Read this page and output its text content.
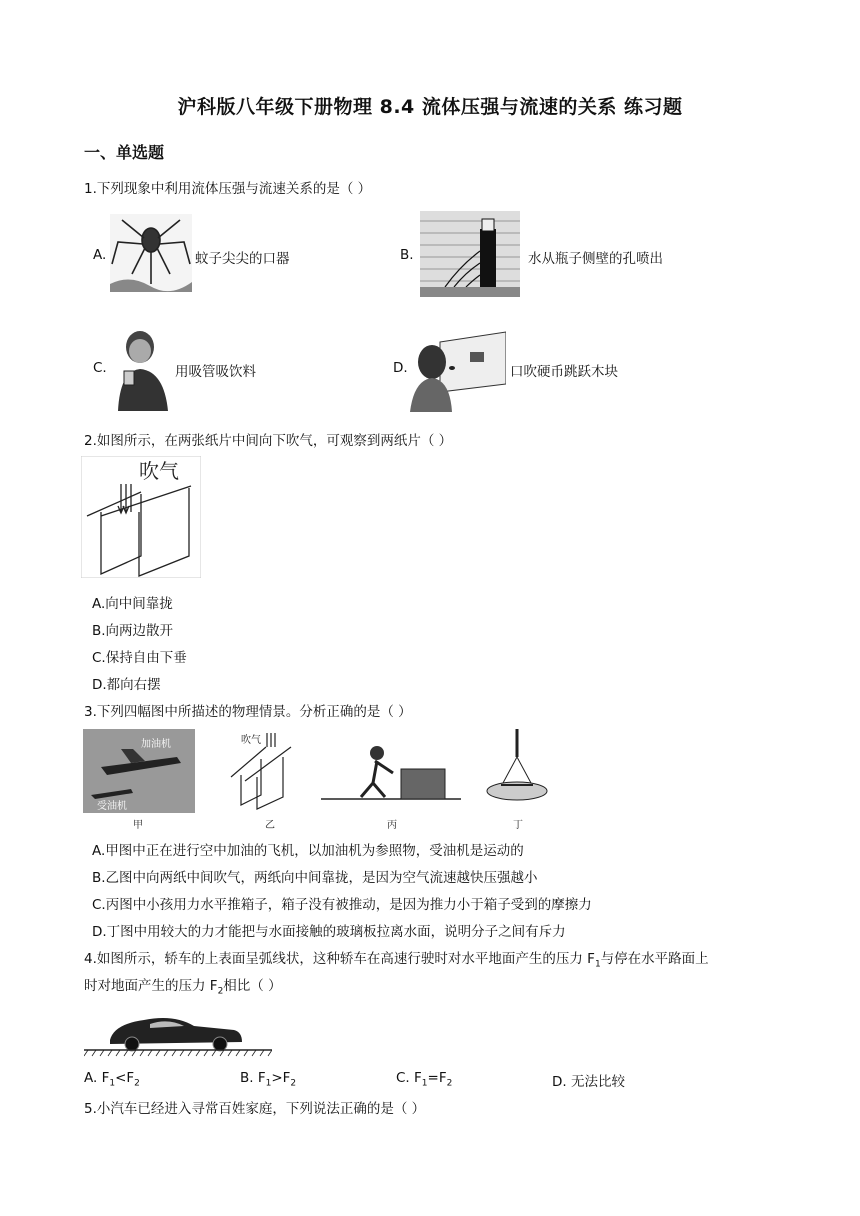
沪科版八年级下册物理 8.4 流体压强与流速的关系 练习题
一、单选题
1.下列现象中利用流体压强与流速关系的是（ ）
A.	蚊子尖尖的口器	B.	水从瓶子侧壁的孔喷出
C.	用吸管吸饮料	D.	口吹硬币跳跃木块
2.如图所示，在两张纸片中间向下吹气，可观察到两纸片（ ）
吹气
A.向中间靠拢
B.向两边散开
C.保持自由下垂
D.都向右摆
3.下列四幅图中所描述的物理情景。分析正确的是（ ）
加油机
受油机
甲
吹气
乙	丙	丁
A.甲图中正在进行空中加油的飞机，以加油机为参照物，受油机是运动的
B.乙图中向两纸中间吹气，两纸向中间靠拢，是因为空气流速越快压强越小
C.丙图中小孩用力水平推箱子，箱子没有被推动，是因为推力小于箱子受到的摩擦力
D.丁图中用较大的力才能把与水面接触的玻璃板拉离水面，说明分子之间有斥力
4.如图所示，轿车的上表面呈弧线状，这种轿车在高速行驶时对水平地面产生的压力 $F_1$与停在水平路面上
时对地面产生的压力 $F_2$相比（ ）
A. $F_1<F_2$	B. $F_1>F_2$	C. $F_1=F_2$	D. 无法比较
5.小汽车已经进入寻常百姓家庭，下列说法正确的是（ ）
